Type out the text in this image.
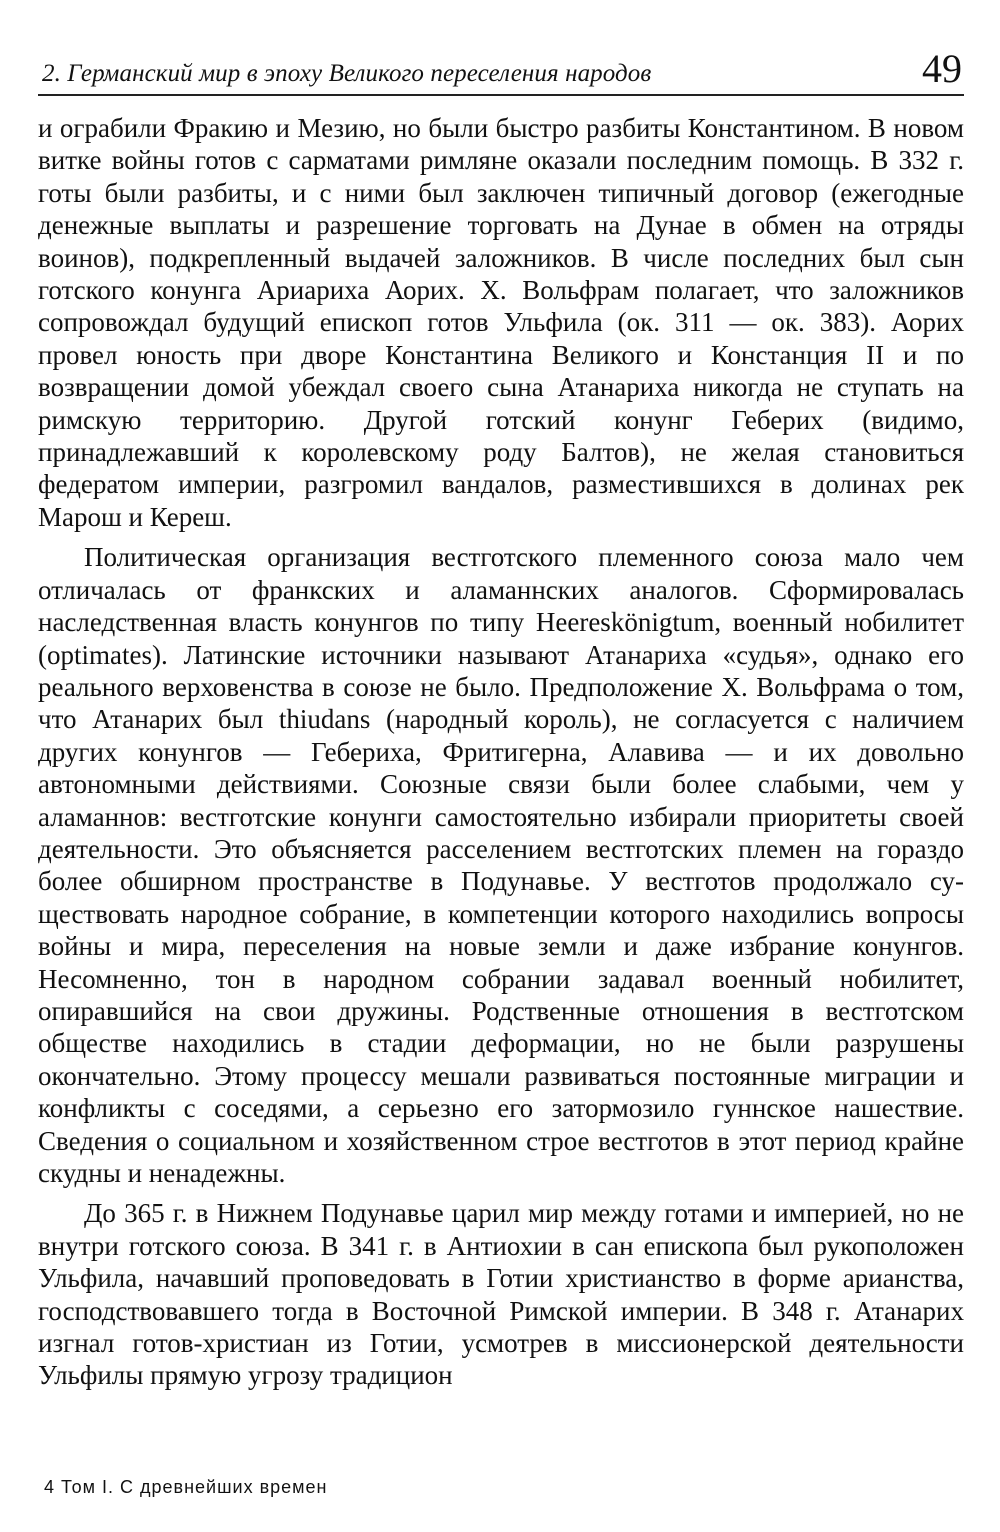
2. Германский мир в эпоху Великого переселения народов	49

и ограбили Фракию и Мезию, но были быстро разбиты Константином. В новом витке войны готов с сарматами римляне оказали последним помощь. В 332 г. готы были разбиты, и с ними был заключен типичный договор (ежегодные денежные выплаты и разрешение торговать на Дунае в обмен на отряды воинов), подкрепленный выдачей заложников. В числе последних был сын готского конунга Ариариха Аорих. Х. Вольфрам полагает, что заложников сопровождал будущий епископ готов Ульфила (ок. 311 — ок. 383). Аорих провел юность при дворе Константина Великого и Констанция II и по возвращении домой убеждал своего сына Атанариха никогда не ступать на римскую территорию. Другой готский конунг Геберих (видимо, принадлежавший к королевскому роду Балтов), не желая становиться федератом империи, разгромил вандалов, разместившихся в долинах рек Марош и Кереш.

Политическая организация вестготского племенного союза мало чем отличалась от франкских и аламаннских аналогов. Сформировалась наследственная власть конунгов по типу Heereskönigtum, военный нобилитет (optimates). Латинские источники называют Атанариха «судья», однако его реального верховенства в союзе не было. Предположение Х. Вольфрама о том, что Атанарих был thiudans (народный король), не согласуется с наличием других конунгов — Гебериха, Фритигерна, Алавива — и их довольно автономными действиями. Союзные связи были более слабыми, чем у аламаннов: вестготские конунги самостоятельно избирали приоритеты своей деятельности. Это объясняется расселением вестготских племен на гораздо более обширном пространстве в Подунавье. У вестготов продолжало существовать народное собрание, в компетенции которого находились вопросы войны и мира, переселения на новые земли и даже избрание конунгов. Несомненно, тон в народном собрании задавал военный нобилитет, опиравшийся на свои дружины. Родственные отношения в вестготском обществе находились в стадии деформации, но не были разрушены окончательно. Этому процессу мешали развиваться постоянные миграции и конфликты с соседями, а серьезно его затормозило гуннское нашествие. Сведения о социальном и хозяйственном строе вестготов в этот период крайне скудны и ненадежны.

До 365 г. в Нижнем Подунавье царил мир между готами и империей, но не внутри готского союза. В 341 г. в Антиохии в сан епископа был рукоположен Ульфила, начавший проповедовать в Готии христианство в форме арианства, господствовавшего тогда в Восточной Римской империи. В 348 г. Атанарих изгнал готов-христиан из Готии, усмотрев в миссионерской деятельности Ульфилы прямую угрозу традицион

4 Том I. С древнейших времен
